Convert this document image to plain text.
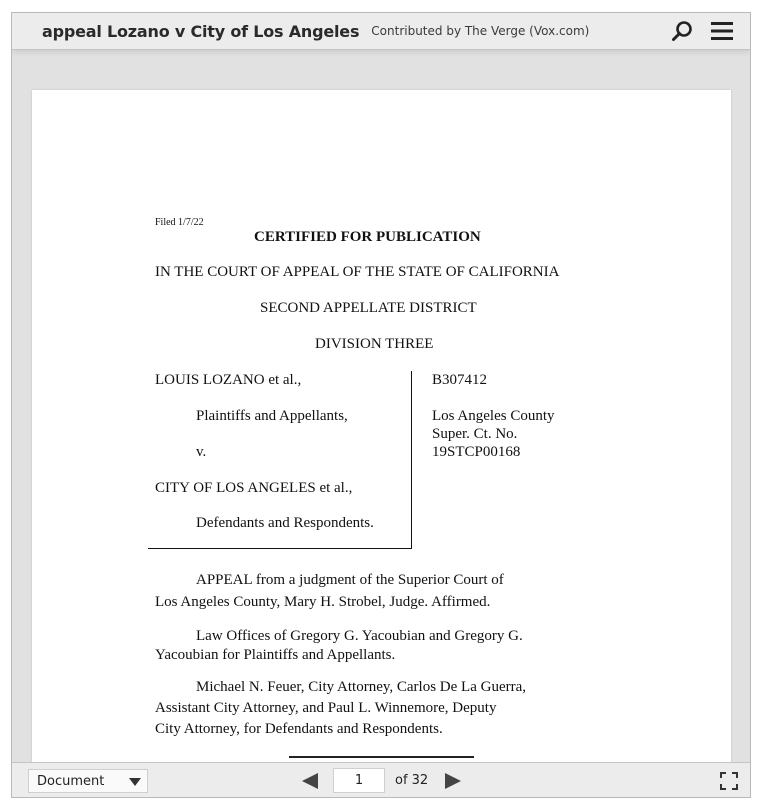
appeal Lozano v City of Los Angeles Contributed by The Verge (Vox.com)
Filed 1/7/22
CERTIFIED FOR PUBLICATION
IN THE COURT OF APPEAL OF THE STATE OF CALIFORNIA
SECOND APPELLATE DISTRICT
DIVISION THREE
LOUIS LOZANO et al.,
Plaintiffs and Appellants,
v.
CITY OF LOS ANGELES et al.,
Defendants and Respondents.
B307412
Los Angeles County
Super. Ct. No.
19STCP00168
APPEAL from a judgment of the Superior Court of
Los Angeles County, Mary H. Strobel, Judge. Affirmed.
Law Offices of Gregory G. Yacoubian and Gregory G.
Yacoubian for Plaintiffs and Appellants.
Michael N. Feuer, City Attorney, Carlos De La Guerra,
Assistant City Attorney, and Paul L. Winnemore, Deputy
City Attorney, for Defendants and Respondents.
Document
1	of 32
